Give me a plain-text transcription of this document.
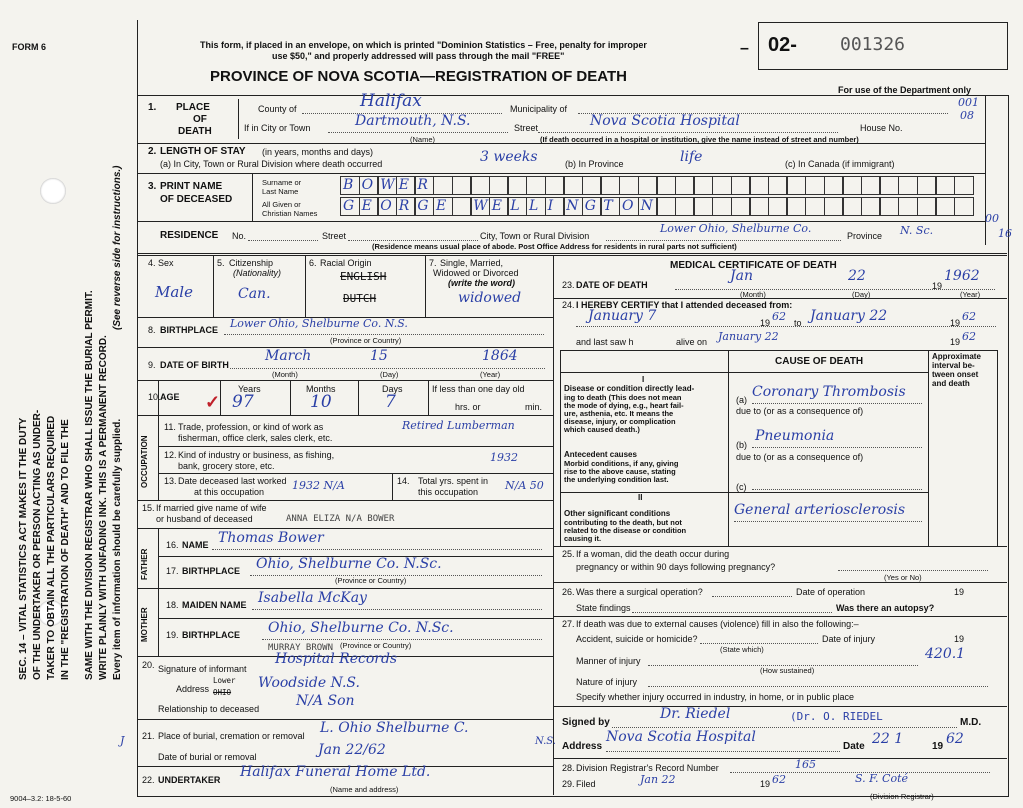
SEC. 14 – VITAL STATISTICS ACT MAKES IT THE DUTY OF THE UNDERTAKER OR PERSON ACTING AS UNDER- TAKER TO OBTAIN ALL THE PARTICULARS REQUIRED IN THE "REGISTRATION OF DEATH" AND TO FILE THE SAME WITH THE DIVISION REGISTRAR WHO SHALL ISSUE THE BURIAL PERMIT. WRITE PLAINLY WITH UNFADING INK. THIS IS A PERMANENT RECORD. Every item of information should be carefully supplied.
(See reverse side for instructions.)
FORM 6	This form, if placed in an envelope, on which is printed "Dominion Statistics – Free, penalty for improper
use $50," and properly addressed will pass through the mail "FREE"
PROVINCE OF NOVA SCOTIA—REGISTRATION OF DEATH
– 02- 001326
For use of the Department only
001
08
00
16
1. PLACE
OF
DEATH
County of	Halifax	Municipality of
If in City or Town	Dartmouth, N.S.	Street	Nova Scotia Hospital	House No.
(Name)	(If death occurred in a hospital or institution, give the name instead of street and number)
2. LENGTH OF STAY (in years, months and days)
(a) In City, Town or Rural Division where death occurred	3 weeks	(b) In Province	life	(c) In Canada (if immigrant)
3. PRINT NAME
OF DECEASED
Surname or
Last Name
All Given or
Christian Names
B O W E R
G E O R G E W E L L I N G T O N
RESIDENCE No.	Street	City, Town or Rural Division
Lower Ohio, Shelburne Co.
Province N. Sc.
(Residence means usual place of abode. Post Office Address for residents in rural parts not sufficient)
4. Sex
Male
5. Citizenship
(Nationality)
Can.
6. Racial Origin
ENGLISH
DUTCH
7. Single, Married,
Widowed or Divorced
(write the word)
widowed
8. BIRTHPLACE Lower Ohio, Shelburne Co. N.S.
(Province or Country)
9. DATE OF BIRTH
March	15	1864
(Month)	(Day)	(Year)
10. AGE ✓
Years	Months	Days
97	10	7
If less than one day old
hrs. or	min.
OCCUPATION
11. Trade, profession, or kind of work as
fisherman, office clerk, sales clerk, etc.
Retired Lumberman
12. Kind of industry or business, as fishing,
bank, grocery store, etc.
1932
13. Date deceased last worked
at this occupation	1932 N/A	14. Total yrs. spent in
this occupation N/A 50
15. If married give name of wife
or husband of deceased	ANNA ELIZA N/A BOWER
FATHER
16. NAME Thomas Bower
17. BIRTHPLACE Ohio, Shelburne Co. N.Sc.
(Province or Country)
MOTHER
18. MAIDEN NAME Isabella McKay
19. BIRTHPLACE Ohio, Shelburne Co. N.Sc.
(Province or Country)
20. Signature of informant
MURRAY BROWN
Hospital Records
Lower
Address OHIO
Woodside N.S.
Relationship to deceased	N/A Son
J 21. Place of burial, cremation or removal L. Ohio Shelburne C.
N.S.
Date of burial or removal	Jan 22/62
22. UNDERTAKER Halifax Funeral Home Ltd.
(Name and address)
MEDICAL CERTIFICATE OF DEATH
23. DATE OF DEATH
Jan	22
19
1962
(Month)	(Day)	(Year)
24. I HEREBY CERTIFY that I attended deceased from:
January 7	19 62 to January 22	19 62
and last saw h	alive on January 22	19 62
CAUSE OF DEATH	Approximate
interval be-
tween onset
and death
I
Disease or condition directly lead-
ing to death (This does not mean
the mode of dying, e.g., heart fail-
ure, asthenia, etc. It means the
disease, injury, or complication
which caused death.)
(a) Coronary Thrombosis
due to (or as a consequence of)
Antecedent causes
Morbid conditions, if any, giving
rise to the above cause, stating
the underlying condition last.
(b)
Pneumonia
due to (or as a consequence of)
(c)
II
Other significant conditions
contributing to the death, but not
related to the disease or condition
causing it.
General arteriosclerosis
25. If a woman, did the death occur during
pregnancy or within 90 days following pregnancy?
(Yes or No)
26. Was there a surgical operation?	Date of operation	19
State findings	Was there an autopsy?
27. If death was due to external causes (violence) fill in also the following:–
Accident, suicide or homicide?	Date of injury	19
(State which)
Manner of injury	420.1
(How sustained)
Nature of injury
Specify whether injury occurred in industry, in home, or in public place
Signed by
Dr. Riedel	(Dr. O. RIEDEL	M.D.
Address
Nova Scotia Hospital
Date 22 1	19 62
28. Division Registrar's Record Number	165
29. Filed	Jan 22	19 62	S. F. Coté
(Division Registrar)
9004–3.2: 18-5-60
